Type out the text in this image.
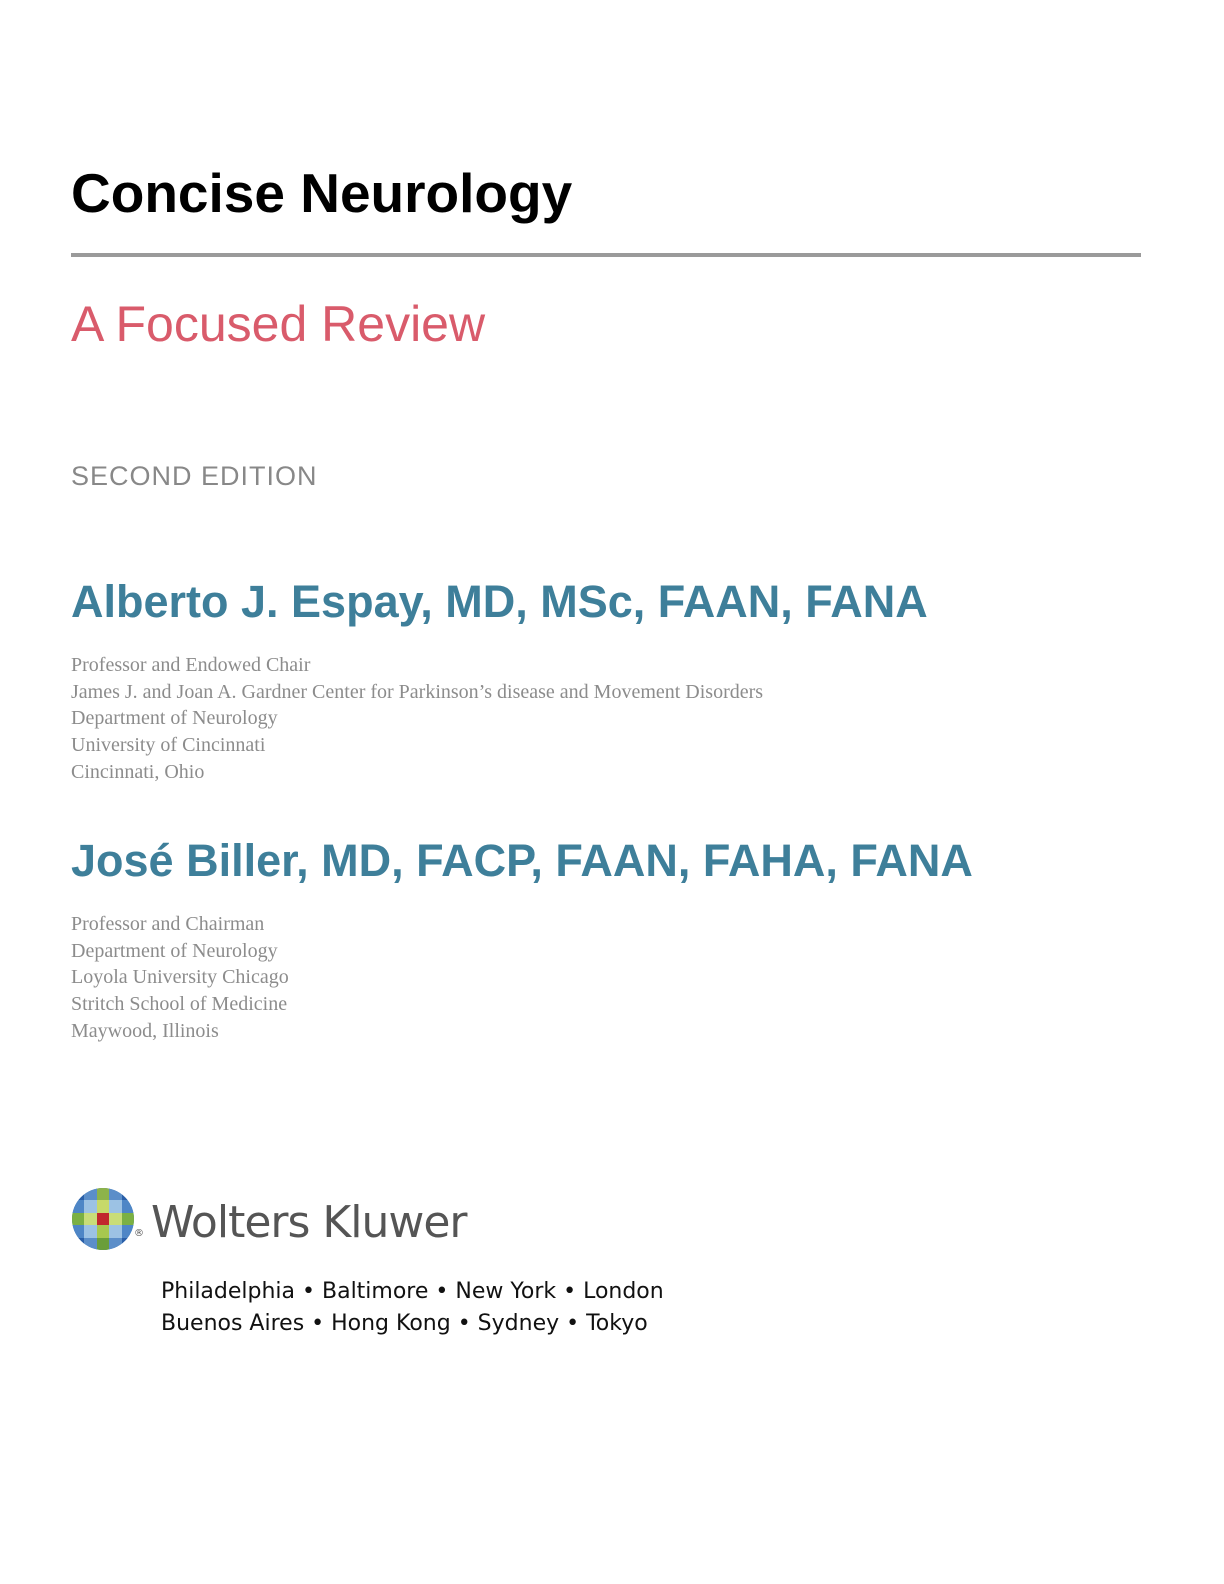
Concise Neurology
A Focused Review
SECOND EDITION
Alberto J. Espay, MD, MSc, FAAN, FANA
Professor and Endowed Chair
James J. and Joan A. Gardner Center for Parkinson’s disease and Movement Disorders
Department of Neurology
University of Cincinnati
Cincinnati, Ohio
José Biller, MD, FACP, FAAN, FAHA, FANA
Professor and Chairman
Department of Neurology
Loyola University Chicago
Stritch School of Medicine
Maywood, Illinois
® Wolters Kluwer
Philadelphia • Baltimore • New York • London
Buenos Aires • Hong Kong • Sydney • Tokyo
